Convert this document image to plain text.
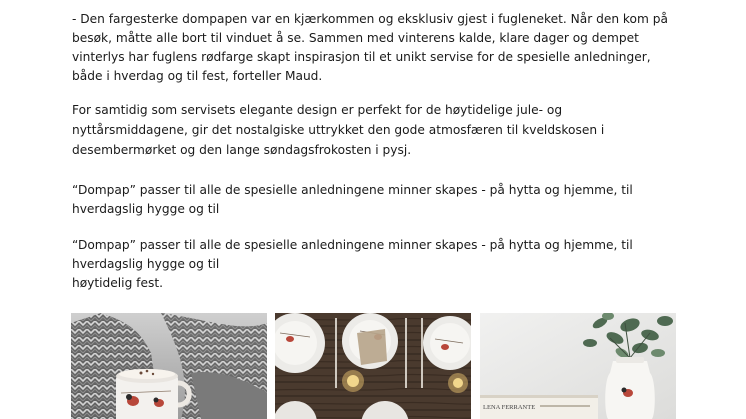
- Den fargesterke dompapen var en kjærkommen og eksklusiv gjest i fugleneket. Når den kom på
besøk, måtte alle bort til vinduet å se. Sammen med vinterens kalde, klare dager og dempet
vinterlys har fuglens rødfarge skapt inspirasjon til et unikt servise for de spesielle anledninger,
både i hverdag og til fest, forteller Maud.

For samtidig som servisets elegante design er perfekt for de høytidelige jule- og
nyttårsmiddagene, gir det nostalgiske uttrykket den gode atmosfæren til kveldskosen i
desembermørket og den lange søndagsfrokosten i pysj.

“Dompap” passer til alle de spesielle anledningene minner skapes - på hytta og hjemme, til
hverdagslig hygge og til

“Dompap” passer til alle de spesielle anledningene minner skapes - på hytta og hjemme, til
hverdagslig hygge og til
høytidelig fest.

LENA FERRANTE
